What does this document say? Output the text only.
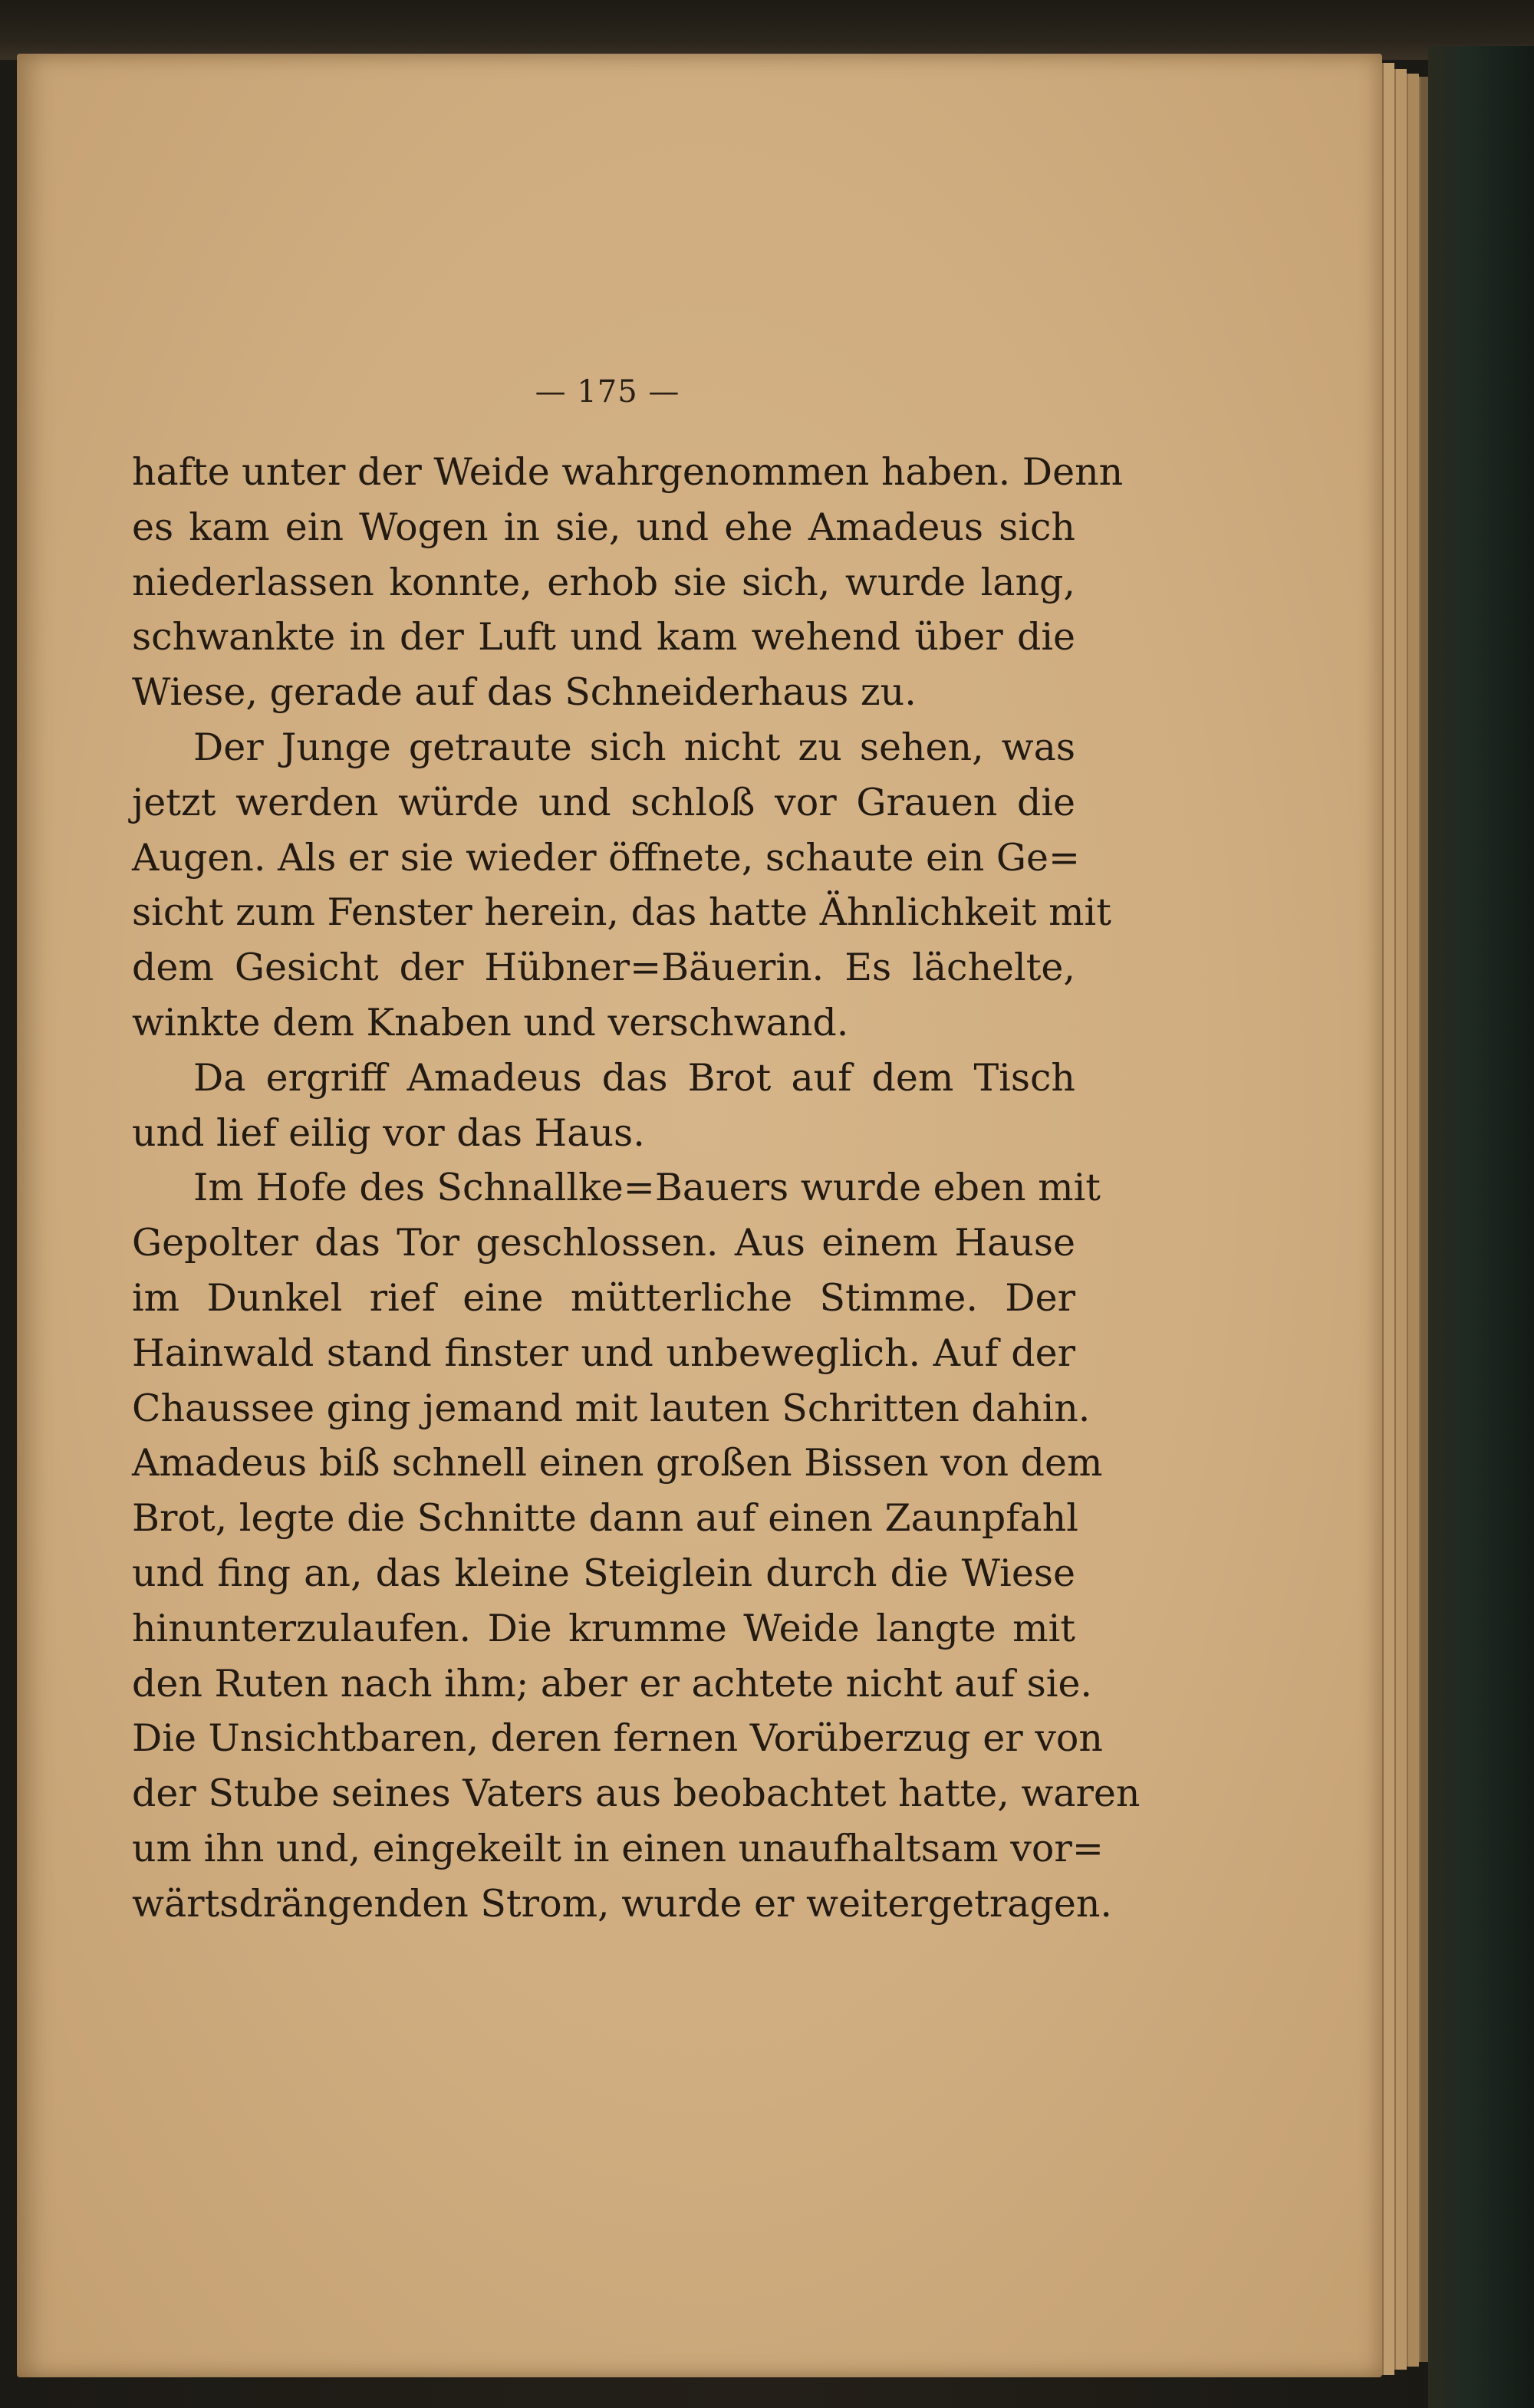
— 175 —
hafte unter der Weide wahrgenommen haben. Denn
es kam ein Wogen in sie, und ehe Amadeus sich
niederlassen konnte, erhob sie sich, wurde lang,
schwankte in der Luft und kam wehend über die
Wiese, gerade auf das Schneiderhaus zu.
Der Junge getraute sich nicht zu sehen, was
jetzt werden würde und schloß vor Grauen die
Augen. Als er sie wieder öffnete, schaute ein Ge=
sicht zum Fenster herein, das hatte Ähnlichkeit mit
dem Gesicht der Hübner=Bäuerin. Es lächelte,
winkte dem Knaben und verschwand.
Da ergriff Amadeus das Brot auf dem Tisch
und lief eilig vor das Haus.
Im Hofe des Schnallke=Bauers wurde eben mit
Gepolter das Tor geschlossen. Aus einem Hause
im Dunkel rief eine mütterliche Stimme. Der
Hainwald stand finster und unbeweglich. Auf der
Chaussee ging jemand mit lauten Schritten dahin.
Amadeus biß schnell einen großen Bissen von dem
Brot, legte die Schnitte dann auf einen Zaunpfahl
und fing an, das kleine Steiglein durch die Wiese
hinunterzulaufen. Die krumme Weide langte mit
den Ruten nach ihm; aber er achtete nicht auf sie.
Die Unsichtbaren, deren fernen Vorüberzug er von
der Stube seines Vaters aus beobachtet hatte, waren
um ihn und, eingekeilt in einen unaufhaltsam vor=
wärtsdrängenden Strom, wurde er weitergetragen.
